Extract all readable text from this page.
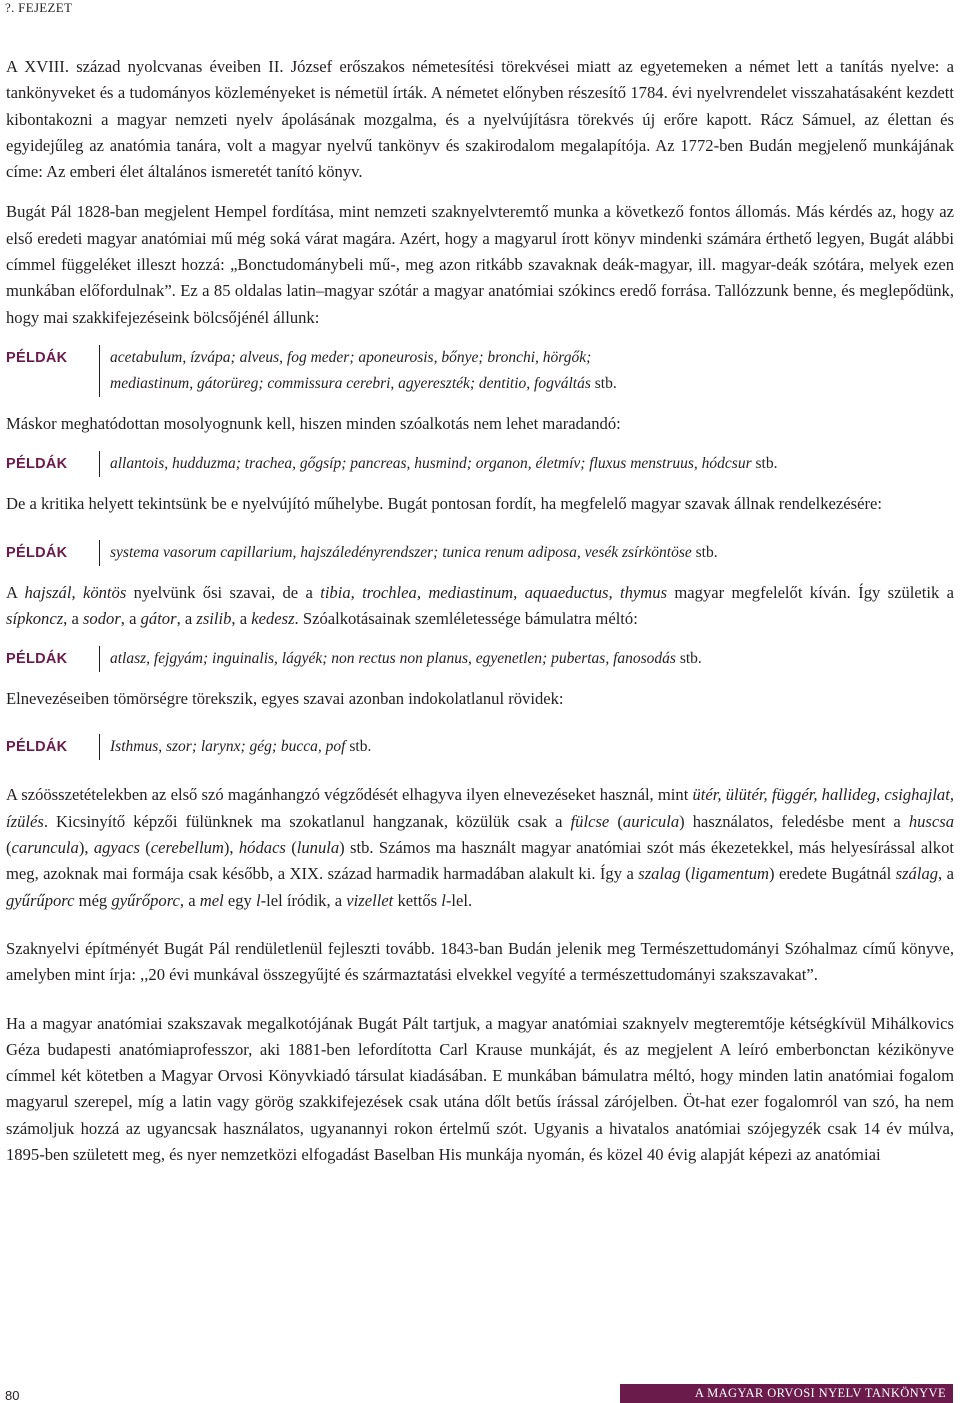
?. FEJEZET

A XVIII. század nyolcvanas éveiben II. József erőszakos németesítési törekvései miatt az egyetemeken a német lett a tanítás nyelve: a tankönyveket és a tudományos közleményeket is németül írták. A németet előnyben részesítő 1784. évi nyelvrendelet visszahatásaként kezdett kibontakozni a magyar nemzeti nyelv ápolásának mozgalma, és a nyelvújításra törekvés új erőre kapott. Rácz Sámuel, az élettan és egyidejűleg az anatómia tanára, volt a magyar nyelvű tankönyv és szakirodalom megalapítója. Az 1772-ben Budán megjelenő munkájának címe: Az emberi élet általános ismeretét tanító könyv.

Bugát Pál 1828-ban megjelent Hempel fordítása, mint nemzeti szaknyelvteremtő munka a következő fontos állomás. Más kérdés az, hogy az első eredeti magyar anatómiai mű még soká várat magára. Azért, hogy a magyarul írott könyv mindenki számára érthető legyen, Bugát alábbi címmel függeléket illeszt hozzá: „Bonctudománybeli mű-, meg azon ritkább szavaknak deák-magyar, ill. magyar-deák szótára, melyek ezen munkában előfordulnak”. Ez a 85 oldalas latin–magyar szótár a magyar anatómiai szókincs eredő forrása. Tallózzunk benne, és meglepődünk, hogy mai szakkifejezéseink bölcsőjénél állunk:

PÉLDÁK	acetabulum, ízvápa; alveus, fog meder; aponeurosis, bőnye; bronchi, hörgők;
mediastinum, gátorüreg; commissura cerebri, agyereszték; dentitio, fogváltás stb.

Máskor meghatódottan mosolyognunk kell, hiszen minden szóalkotás nem lehet maradandó:

PÉLDÁK	allantois, hudduzma; trachea, gőgsíp; pancreas, husmind; organon, életmív; fluxus menstruus, hódcsur stb.

De a kritika helyett tekintsünk be e nyelvújító műhelybe. Bugát pontosan fordít, ha megfelelő magyar szavak állnak rendelkezésére:

PÉLDÁK	systema vasorum capillarium, hajszáledényrendszer; tunica renum adiposa, vesék zsírköntöse stb.

A hajszál, köntös nyelvünk ősi szavai, de a tibia, trochlea, mediastinum, aquaeductus, thymus magyar megfelelőt kíván. Így születik a sípkoncz, a sodor, a gátor, a zsilib, a kedesz. Szóalkotásainak szemléletessége bámulatra méltó:

PÉLDÁK	atlasz, fejgyám; inguinalis, lágyék; non rectus non planus, egyenetlen; pubertas, fanosodás stb.

Elnevezéseiben tömörségre törekszik, egyes szavai azonban indokolatlanul rövidek:

PÉLDÁK	Isthmus, szor; larynx; gég; bucca, pof stb.

A szóösszetételekben az első szó magánhangzó végződését elhagyva ilyen elnevezéseket használ, mint ütér, ülütér, függér, hallideg, csighajlat, ízülés. Kicsinyítő képzői fülünknek ma szokatlanul hangzanak, közülük csak a fülcse (auricula) használatos, feledésbe ment a huscsa (caruncula), agyacs (cerebellum), hódacs (lunula) stb. Számos ma használt magyar anatómiai szót más ékezetekkel, más helyesírással alkot meg, azoknak mai formája csak később, a XIX. század harmadik harmadában alakult ki. Így a szalag (ligamentum) eredete Bugátnál szálag, a gyűrűporc még gyűrőporc, a mel egy l-lel íródik, a vizellet kettős l-lel.

Szaknyelvi építményét Bugát Pál rendületlenül fejleszti tovább. 1843-ban Budán jelenik meg Természettudományi Szóhalmaz című könyve, amelyben mint írja: ,,20 évi munkával összegyűjté és származtatási elvekkel vegyíté a természettudományi szakszavakat”.

Ha a magyar anatómiai szakszavak megalkotójának Bugát Pált tartjuk, a magyar anatómiai szaknyelv megteremtője kétségkívül Mihálkovics Géza budapesti anatómiaprofesszor, aki 1881-ben lefordította Carl Krause munkáját, és az megjelent A leíró emberbonctan kézikönyve címmel két kötetben a Magyar Orvosi Könyvkiadó társulat kiadásában. E munkában bámulatra méltó, hogy minden latin anatómiai fogalom magyarul szerepel, míg a latin vagy görög szakkifejezések csak utána dőlt betűs írással zárójelben. Öt-hat ezer fogalomról van szó, ha nem számoljuk hozzá az ugyancsak használatos, ugyanannyi rokon értelmű szót. Ugyanis a hivatalos anatómiai szójegyzék csak 14 év múlva, 1895-ben született meg, és nyer nemzetközi elfogadást Baselban His munkája nyomán, és közel 40 évig alapját képezi az anatómiai

80	A MAGYAR ORVOSI NYELV TANKÖNYVE
